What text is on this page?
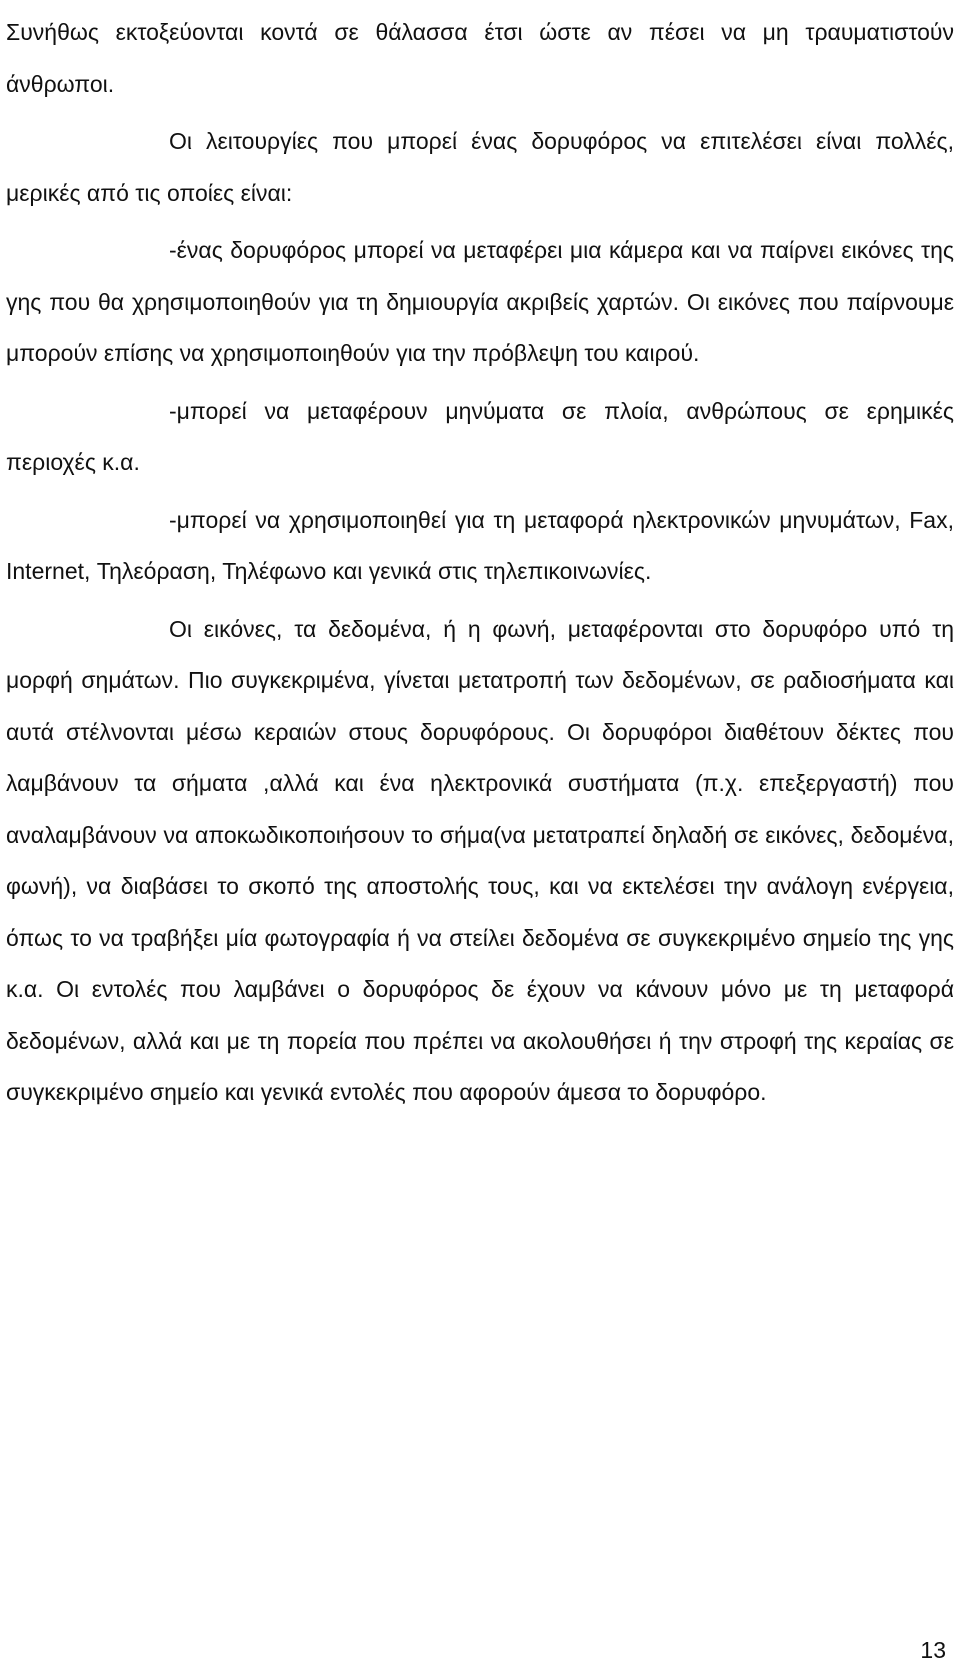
Συνήθως εκτοξεύονται κοντά σε θάλασσα έτσι ώστε αν πέσει να μη τραυματιστούν άνθρωποι.

Οι λειτουργίες που μπορεί ένας δορυφόρος να επιτελέσει είναι πολλές, μερικές από τις οποίες είναι:

-ένας δορυφόρος μπορεί να μεταφέρει μια κάμερα και να παίρνει εικόνες της γης που θα χρησιμοποιηθούν για τη δημιουργία ακριβείς χαρτών. Οι εικόνες που παίρνουμε μπορούν επίσης να χρησιμοποιηθούν για την πρόβλεψη του καιρού.

-μπορεί να μεταφέρουν μηνύματα σε πλοία, ανθρώπους σε ερημικές περιοχές κ.α.

-μπορεί να χρησιμοποιηθεί για τη μεταφορά ηλεκτρονικών μηνυμάτων, Fax, Internet, Τηλεόραση, Τηλέφωνο και γενικά στις τηλεπικοινωνίες.

Οι εικόνες, τα δεδομένα, ή η φωνή, μεταφέρονται στο δορυφόρο υπό τη μορφή σημάτων. Πιο συγκεκριμένα, γίνεται μετατροπή των δεδομένων, σε ραδιοσήματα και αυτά στέλνονται μέσω κεραιών στους δορυφόρους. Οι δορυφόροι διαθέτουν δέκτες που λαμβάνουν τα σήματα ,αλλά και ένα ηλεκτρονικά συστήματα (π.χ. επεξεργαστή) που αναλαμβάνουν να αποκωδικοποιήσουν το σήμα(να μετατραπεί δηλαδή σε εικόνες, δεδομένα, φωνή), να διαβάσει το σκοπό της αποστολής τους, και να εκτελέσει την ανάλογη ενέργεια, όπως το να τραβήξει μία φωτογραφία ή να στείλει δεδομένα σε συγκεκριμένο σημείο της γης κ.α. Οι εντολές που λαμβάνει ο δορυφόρος δε έχουν να κάνουν μόνο με τη μεταφορά δεδομένων, αλλά και με τη πορεία που πρέπει να ακολουθήσει ή την στροφή της κεραίας σε συγκεκριμένο σημείο και γενικά εντολές που αφορούν άμεσα το δορυφόρο.

13
